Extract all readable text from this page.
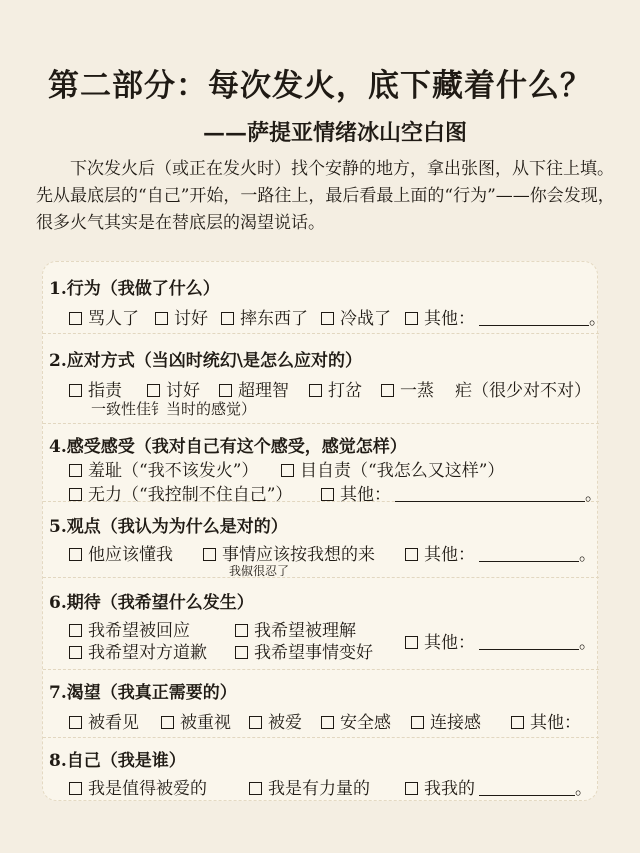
第二部分：每次发火，底下藏着什么？
——萨提亚情绪冰山空白图

下次发火后（或正在发火时）找个安静的地方，拿出张图，从下往上填。先从最底层的“自己”开始，一路往上，最后看最上面的“行为”——你会发现，很多火气其实是在替底层的渴望说话。

1.行为（我做了什么）
骂人了	讨好	摔东西了	冷战了	其他：	。
2.应对方式（当凶时统幻\是怎么应对的）
指责	讨好	超理智	打岔	一蒸 疟（很少对不对）
一致性佳钅当时的感觉）
4.感受感受（我对自己有这个感受，感觉怎样）
羞耻（“我不该发火”）	目自责（“我怎么又这样”）
无力（“我控制不住自己”）	其他：	。
5.观点（我认为为什么是对的）
他应该懂我	事情应该按我想的来	其他：	。
我俶很忍了
6.期待（我希望什么发生）
我希望被回应	我希望被理解
我希望对方道歉	我希望事情变好	其他：	。
7.渴望（我真正需要的）
被看见	被重视	被爱	安全感	连接感	其他：
8.自己（我是谁）
我是值得被爱的	我是有力量的	我我的	。
